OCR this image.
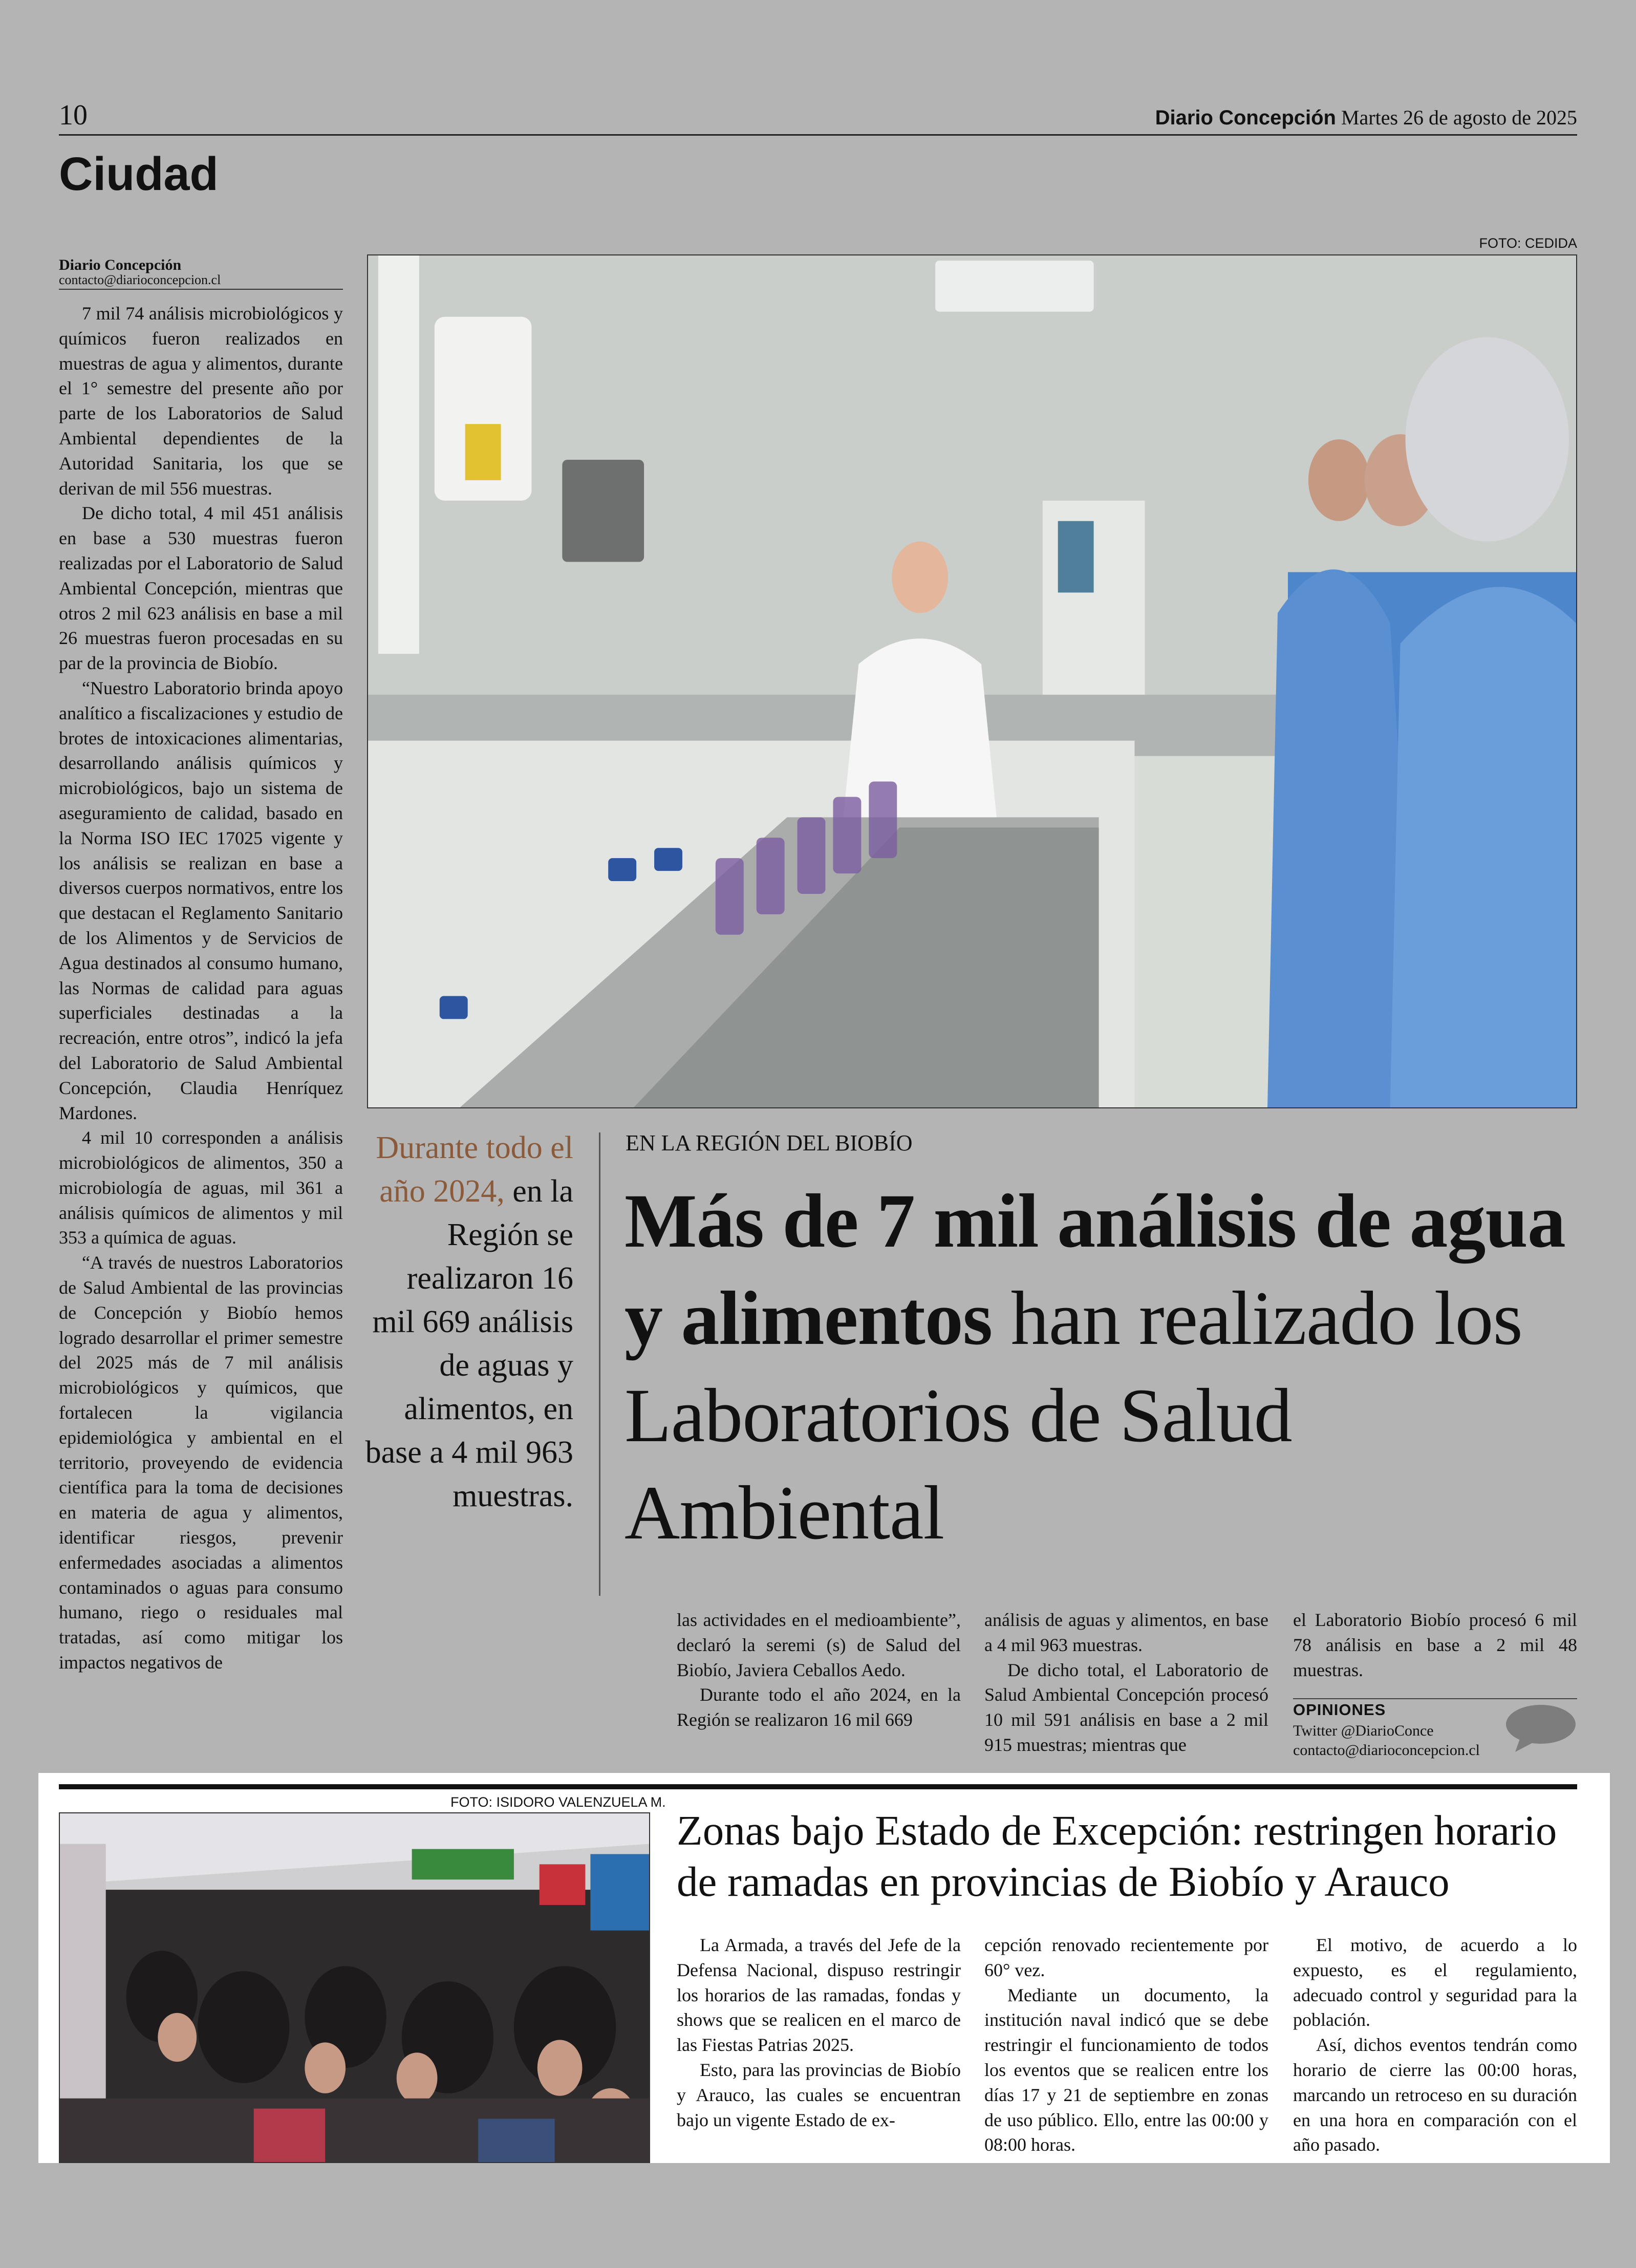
10	Diario Concepción Martes 26 de agosto de 2025
Ciudad
Diario Concepción
contacto@diarioconcepcion.cl

7 mil 74 análisis microbiológicos y químicos fueron realizados en muestras de agua y alimentos, durante el 1° semestre del presente año por parte de los Laboratorios de Salud Ambiental dependientes de la Autoridad Sanitaria, los que se derivan de mil 556 muestras.

De dicho total, 4 mil 451 análisis en base a 530 muestras fueron realizadas por el Laboratorio de Salud Ambiental Concepción, mientras que otros 2 mil 623 análisis en base a mil 26 muestras fueron procesadas en su par de la provincia de Biobío.

“Nuestro Laboratorio brinda apoyo analítico a fiscalizaciones y estudio de brotes de intoxicaciones alimentarias, desarrollando análisis químicos y microbiológicos, bajo un sistema de aseguramiento de calidad, basado en la Norma ISO IEC 17025 vigente y los análisis se realizan en base a diversos cuerpos normativos, entre los que destacan el Reglamento Sanitario de los Alimentos y de Servicios de Agua destinados al consumo humano, las Normas de calidad para aguas superficiales destinadas a la recreación, entre otros”, indicó la jefa del Laboratorio de Salud Ambiental Concepción, Claudia Henríquez Mardones.

4 mil 10 corresponden a análisis microbiológicos de alimentos, 350 a microbiología de aguas, mil 361 a análisis químicos de alimentos y mil 353 a química de aguas.

“A través de nuestros Laboratorios de Salud Ambiental de las provincias de Concepción y Biobío hemos logrado desarrollar el primer semestre del 2025 más de 7 mil análisis microbiológicos y químicos, que fortalecen la vigilancia epidemiológica y ambiental en el territorio, proveyendo de evidencia científica para la toma de decisiones en materia de agua y alimentos, identificar riesgos, prevenir enfermedades asociadas a alimentos contaminados o aguas para consumo humano, riego o residuales mal tratadas, así como mitigar los impactos negativos de

FOTO: CEDIDA
Durante todo el año 2024, en la Región se realizaron 16 mil 669 análisis de aguas y alimentos, en base a 4 mil 963 muestras.
EN LA REGIÓN DEL BIOBÍO
Más de 7 mil análisis de agua y alimentos han realizado los Laboratorios de Salud Ambiental

las actividades en el medioambiente”, declaró la seremi (s) de Salud del Biobío, Javiera Ceballos Aedo.

Durante todo el año 2024, en la Región se realizaron 16 mil 669

análisis de aguas y alimentos, en base a 4 mil 963 muestras.

De dicho total, el Laboratorio de Salud Ambiental Concepción procesó 10 mil 591 análisis en base a 2 mil 915 muestras; mientras que

el Laboratorio Biobío procesó 6 mil 78 análisis en base a 2 mil 48 muestras.

OPINIONES
Twitter @DiarioConce
contacto@diarioconcepcion.cl
FOTO: ISIDORO VALENZUELA M.
Zonas bajo Estado de Excepción: restringen horario de ramadas en provincias de Biobío y Arauco

La Armada, a través del Jefe de la Defensa Nacional, dispuso restringir los horarios de las ramadas, fondas y shows que se realicen en el marco de las Fiestas Patrias 2025.

Esto, para las provincias de Biobío y Arauco, las cuales se encuentran bajo un vigente Estado de ex-

cepción renovado recientemente por 60° vez.

Mediante un documento, la institución naval indicó que se debe restringir el funcionamiento de todos los eventos que se realicen entre los días 17 y 21 de septiembre en zonas de uso público. Ello, entre las 00:00 y 08:00 horas.

El motivo, de acuerdo a lo expuesto, es el regulamiento, adecuado control y seguridad para la población.

Así, dichos eventos tendrán como horario de cierre las 00:00 horas, marcando un retroceso en su duración en una hora en comparación con el año pasado.
